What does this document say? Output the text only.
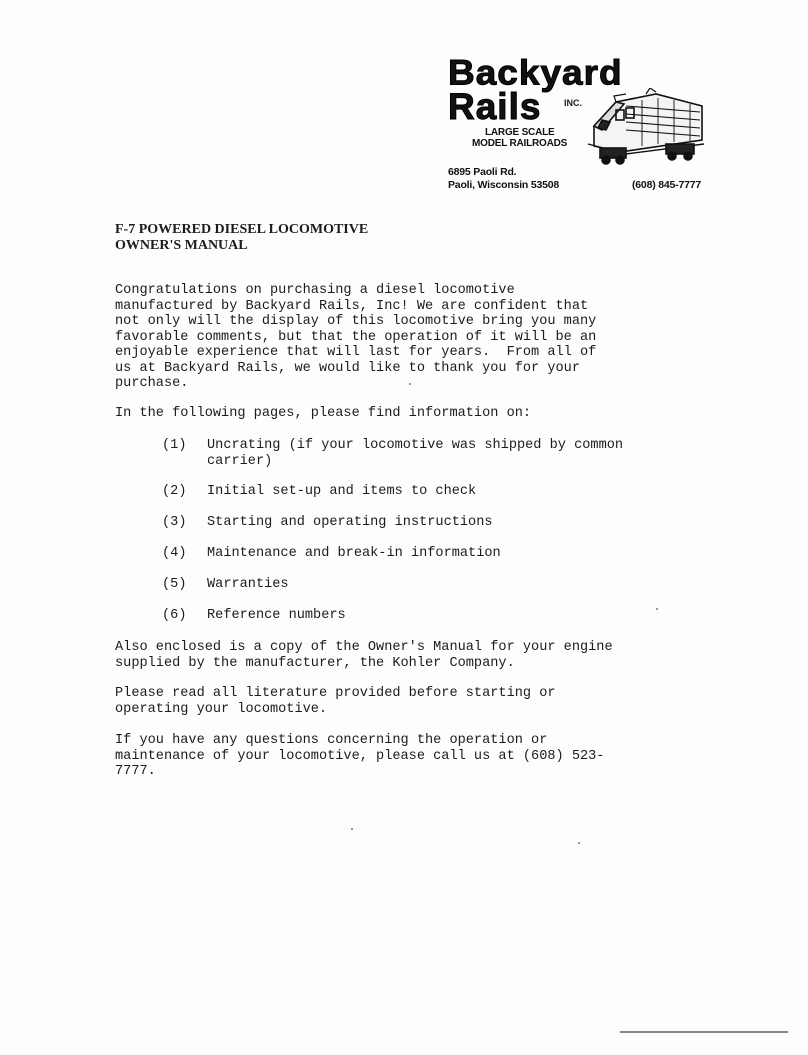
Backyard
Rails	INC.
LARGE SCALE
MODEL RAILROADS
6895 Paoli Rd.
Paoli, Wisconsin 53508	(608) 845-7777
F-7 POWERED DIESEL LOCOMOTIVE
OWNER'S MANUAL
Congratulations on purchasing a diesel locomotive
manufactured by Backyard Rails, Inc! We are confident that
not only will the display of this locomotive bring you many
favorable comments, but that the operation of it will be an
enjoyable experience that will last for years.  From all of
us at Backyard Rails, we would like to thank you for your
purchase.
In the following pages, please find information on:
(1) Uncrating (if your locomotive was shipped by common
carrier)
(2) Initial set-up and items to check
(3) Starting and operating instructions
(4) Maintenance and break-in information
(5) Warranties
(6) Reference numbers
Also enclosed is a copy of the Owner's Manual for your engine
supplied by the manufacturer, the Kohler Company.
Please read all literature provided before starting or
operating your locomotive.
If you have any questions concerning the operation or
maintenance of your locomotive, please call us at (608) 523-
7777.
